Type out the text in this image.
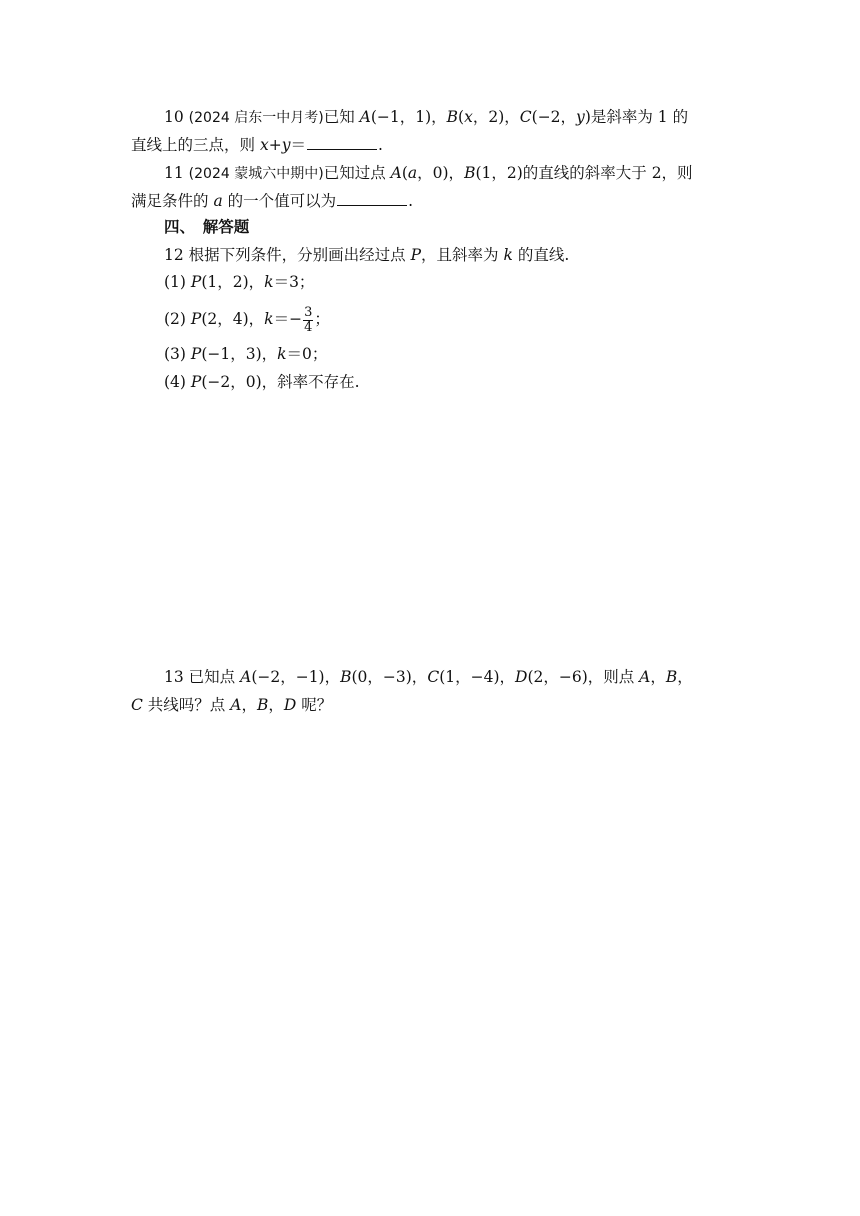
10 (2024 启东一中月考)已知 A(−1，1)，B(x，2)，C(−2，y)是斜率为 1 的
直线上的三点，则 x+y＝	.
11 (2024 蒙城六中期中)已知过点 A(a，0)，B(1，2)的直线的斜率大于 2，则
满足条件的 a 的一个值可以为	.
四、　解答题
12 根据下列条件，分别画出经过点 P，且斜率为 k 的直线.
(1) P(1，2)，k＝3；
(2) P(2，4)，$k=- \frac{3}{4}$ ；
(3) P(−1，3)，k＝0；
(4) P(−2，0)，斜率不存在.
13 已知点 A(−2，−1)，B(0，−3)，C(1，−4)，D(2，−6)，则点 A，B，
C 共线吗？点 A，B，D 呢？
